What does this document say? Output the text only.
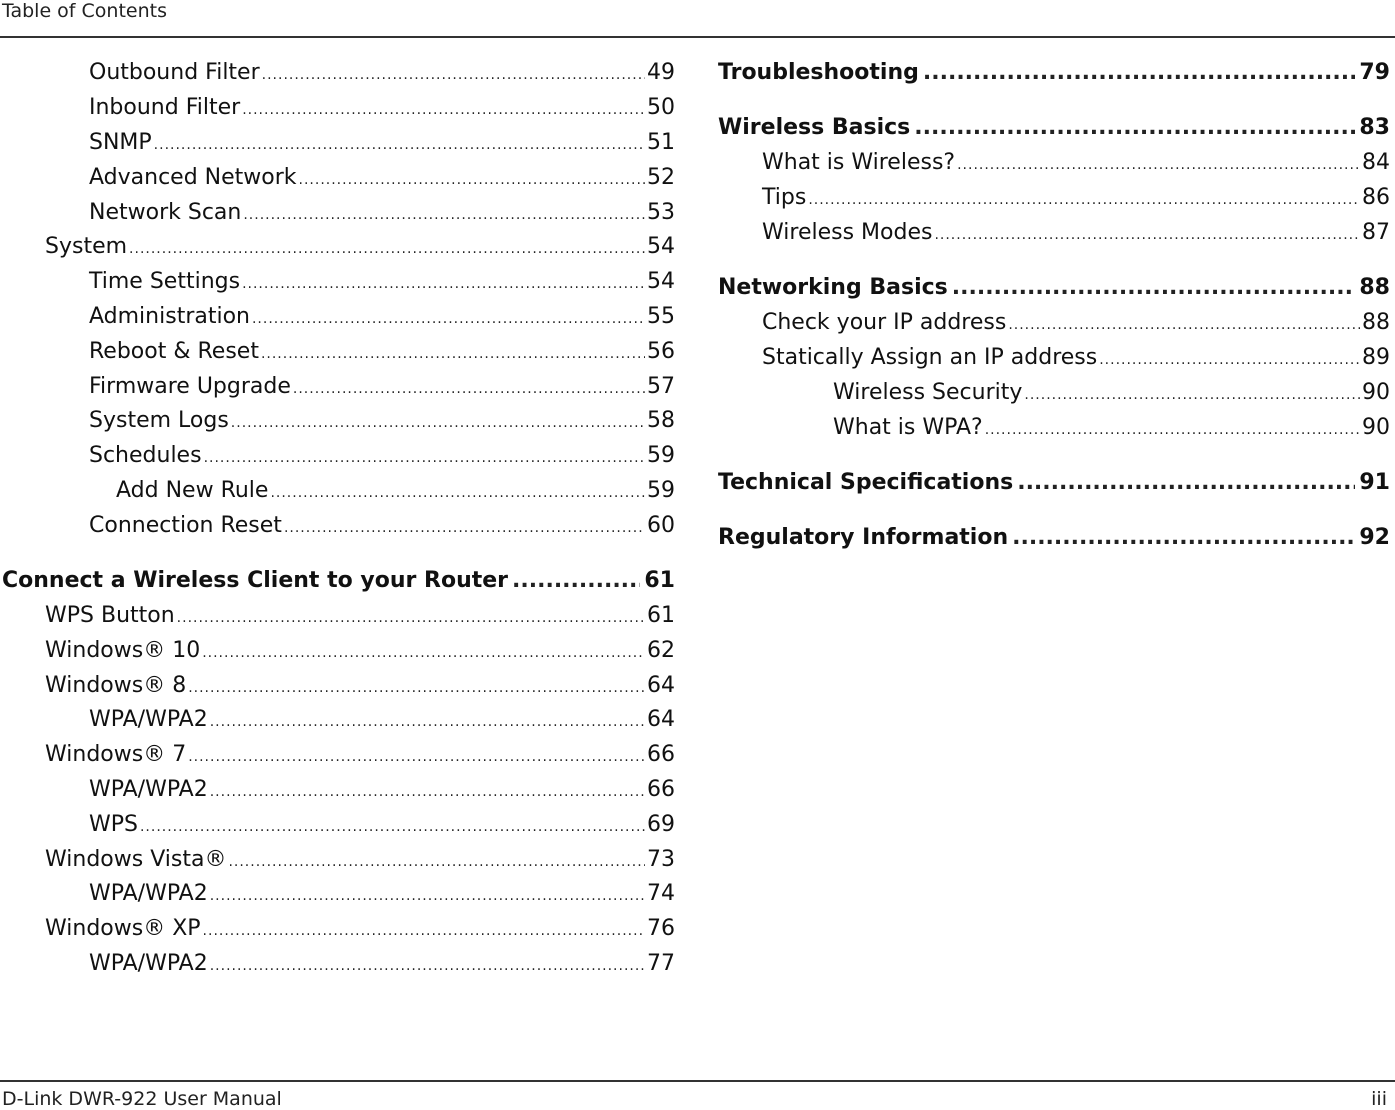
Table of Contents
Outbound Filter .....	49
Inbound Filter .....	50
SNMP .....	51
Advanced Network .....	52
Network Scan .....	53
System .....	54
Time Settings .....	54
Administration .....	55
Reboot & Reset .....	56
Firmware Upgrade .....	57
System Logs .....	58
Schedules .....	59
Add New Rule .....	59
Connection Reset .....	60
Connect a Wireless Client to your Router .....	61
WPS Button .....	61
Windows® 10 .....	62
Windows® 8 .....	64
WPA/WPA2 .....	64
Windows® 7 .....	66
WPA/WPA2 .....	66
WPS .....	69
Windows Vista® .....	73
WPA/WPA2 .....	74
Windows® XP .....	76
WPA/WPA2 .....	77
Troubleshooting .....	79
Wireless Basics .....	83
What is Wireless? .....	84
Tips .....	86
Wireless Modes .....	87
Networking Basics .....	88
Check your IP address .....	88
Statically Assign an IP address .....	89
Wireless Security .....	90
What is WPA? .....	90
Technical Specifications .....	91
Regulatory Information .....	92
D-Link DWR-922 User Manual	iii
